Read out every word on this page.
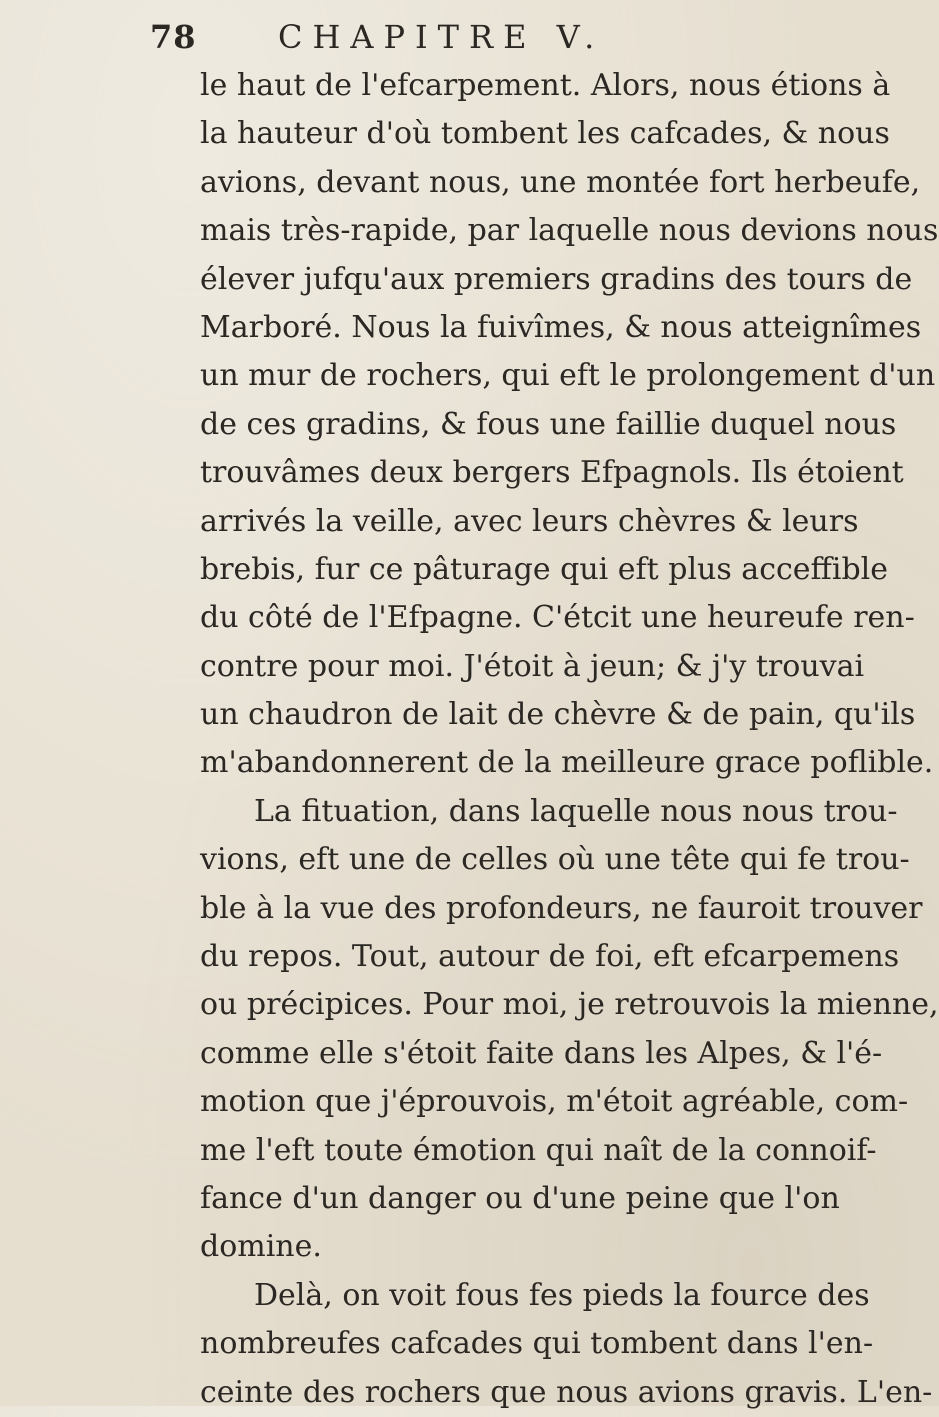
78	CHAPITRE V.
le haut de l'efcarpement. Alors, nous étions à
la hauteur d'où tombent les cafcades, & nous
avions, devant nous, une montée fort herbeufe,
mais très-rapide, par laquelle nous devions nous
élever jufqu'aux premiers gradins des tours de
Marboré. Nous la fuivîmes, & nous atteignîmes
un mur de rochers, qui eft le prolongement d'un
de ces gradins, & fous une faillie duquel nous
trouvâmes deux bergers Efpagnols. Ils étoient
arrivés la veille, avec leurs chèvres & leurs
brebis, fur ce pâturage qui eft plus acceffible
du côté de l'Efpagne. C'étcit une heureufe ren-
contre pour moi. J'étoit à jeun; & j'y trouvai
un chaudron de lait de chèvre & de pain, qu'ils
m'abandonnerent de la meilleure grace poflible.
La fituation, dans laquelle nous nous trou-
vions, eft une de celles où une tête qui fe trou-
ble à la vue des profondeurs, ne fauroit trouver
du repos. Tout, autour de foi, eft efcarpemens
ou précipices. Pour moi, je retrouvois la mienne,
comme elle s'étoit faite dans les Alpes, & l'é-
motion que j'éprouvois, m'étoit agréable, com-
me l'eft toute émotion qui naît de la connoif-
fance d'un danger ou d'une peine que l'on
domine.
Delà, on voit fous fes pieds la fource des
nombreufes cafcades qui tombent dans l'en-
ceinte des rochers que nous avions gravis. L'en-
